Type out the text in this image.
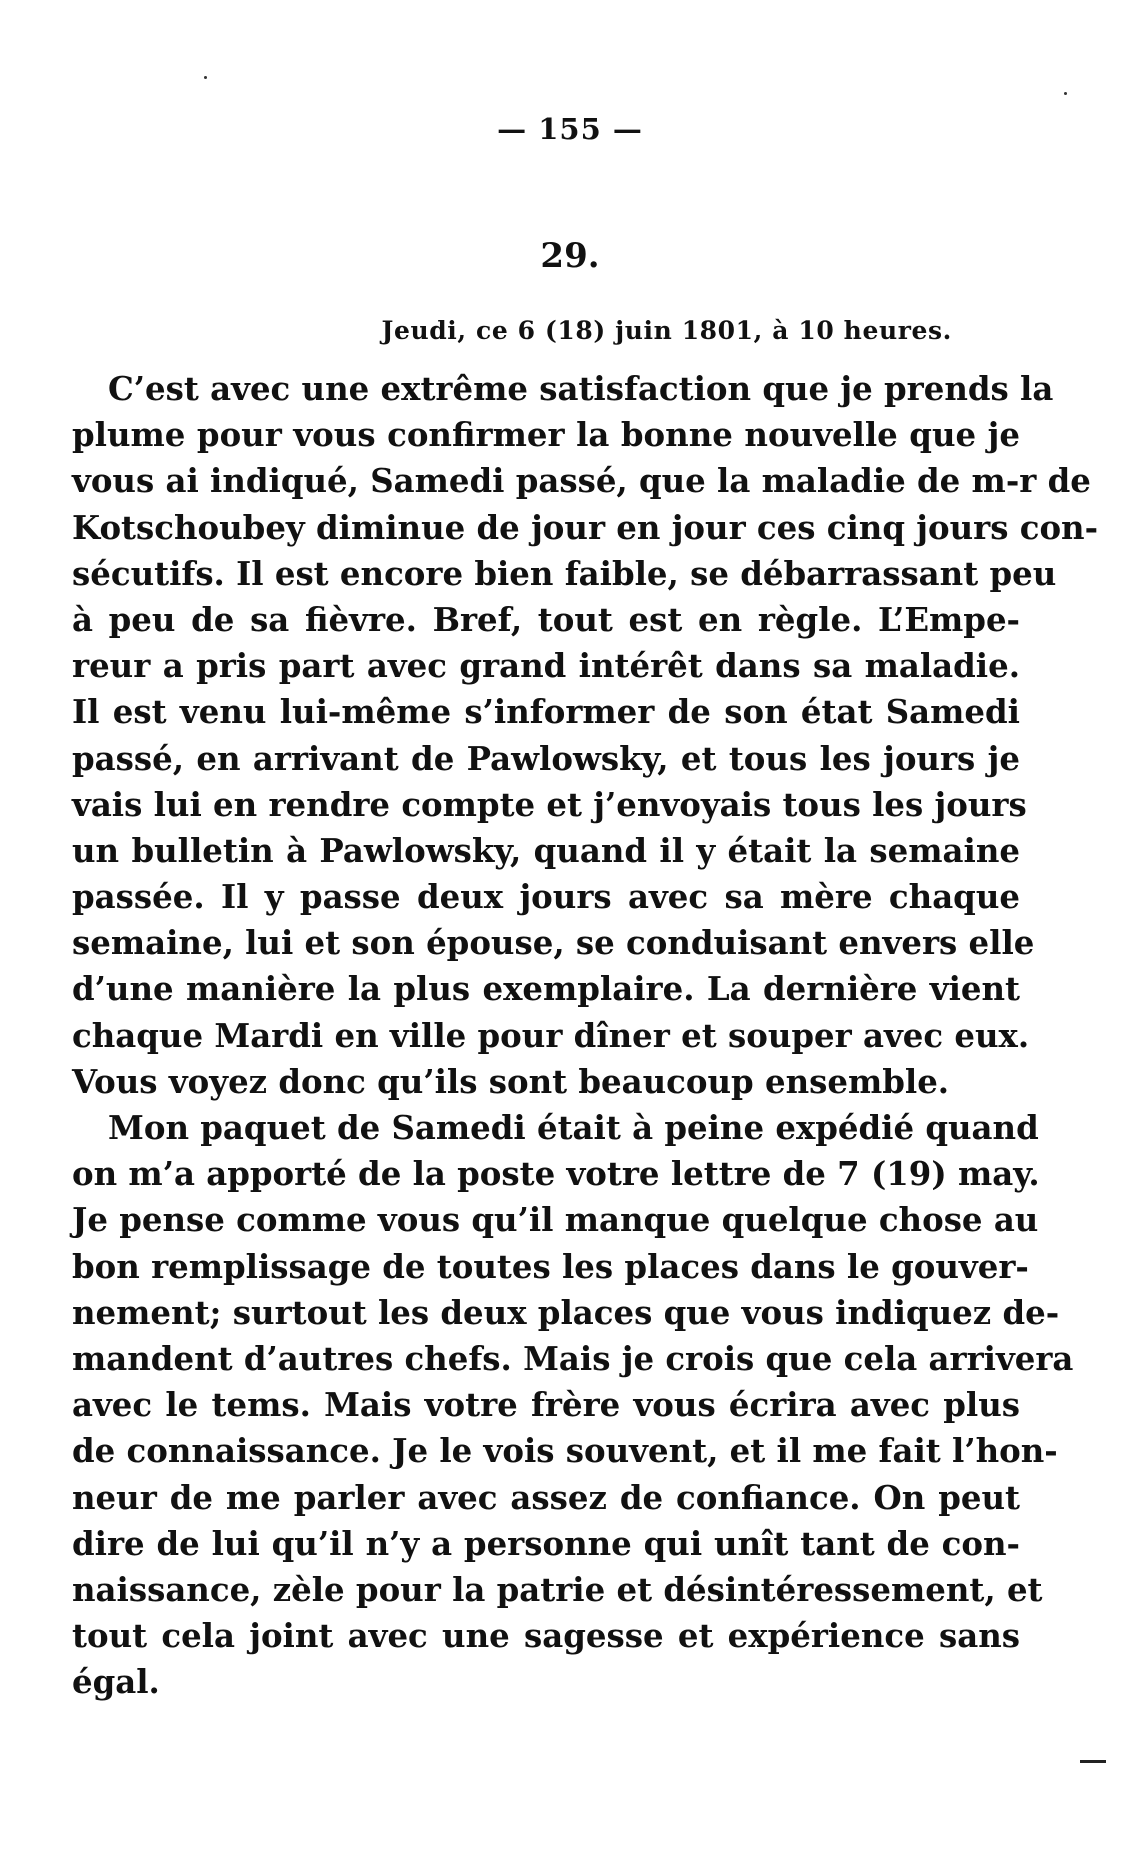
— 155 —
29.
Jeudi, ce 6 (18) juin 1801, à 10 heures.
C’est avec une extrême satisfaction que je prends la
plume pour vous confirmer la bonne nouvelle que je
vous ai indiqué, Samedi passé, que la maladie de m-r de
Kotschoubey diminue de jour en jour ces cinq jours con-
sécutifs. Il est encore bien faible, se débarrassant peu
à peu de sa fièvre. Bref, tout est en règle. L’Empe-
reur a pris part avec grand intérêt dans sa maladie.
Il est venu lui-même s’informer de son état Samedi
passé, en arrivant de Pawlowsky, et tous les jours je
vais lui en rendre compte et j’envoyais tous les jours
un bulletin à Pawlowsky, quand il y était la semaine
passée. Il y passe deux jours avec sa mère chaque
semaine, lui et son épouse, se conduisant envers elle
d’une manière la plus exemplaire. La dernière vient
chaque Mardi en ville pour dîner et souper avec eux.
Vous voyez donc qu’ils sont beaucoup ensemble.
Mon paquet de Samedi était à peine expédié quand
on m’a apporté de la poste votre lettre de 7 (19) may.
Je pense comme vous qu’il manque quelque chose au
bon remplissage de toutes les places dans le gouver-
nement; surtout les deux places que vous indiquez de-
mandent d’autres chefs. Mais je crois que cela arrivera
avec le tems. Mais votre frère vous écrira avec plus
de connaissance. Je le vois souvent, et il me fait l’hon-
neur de me parler avec assez de confiance. On peut
dire de lui qu’il n’y a personne qui unît tant de con-
naissance, zèle pour la patrie et désintéressement, et
tout cela joint avec une sagesse et expérience sans
égal.
